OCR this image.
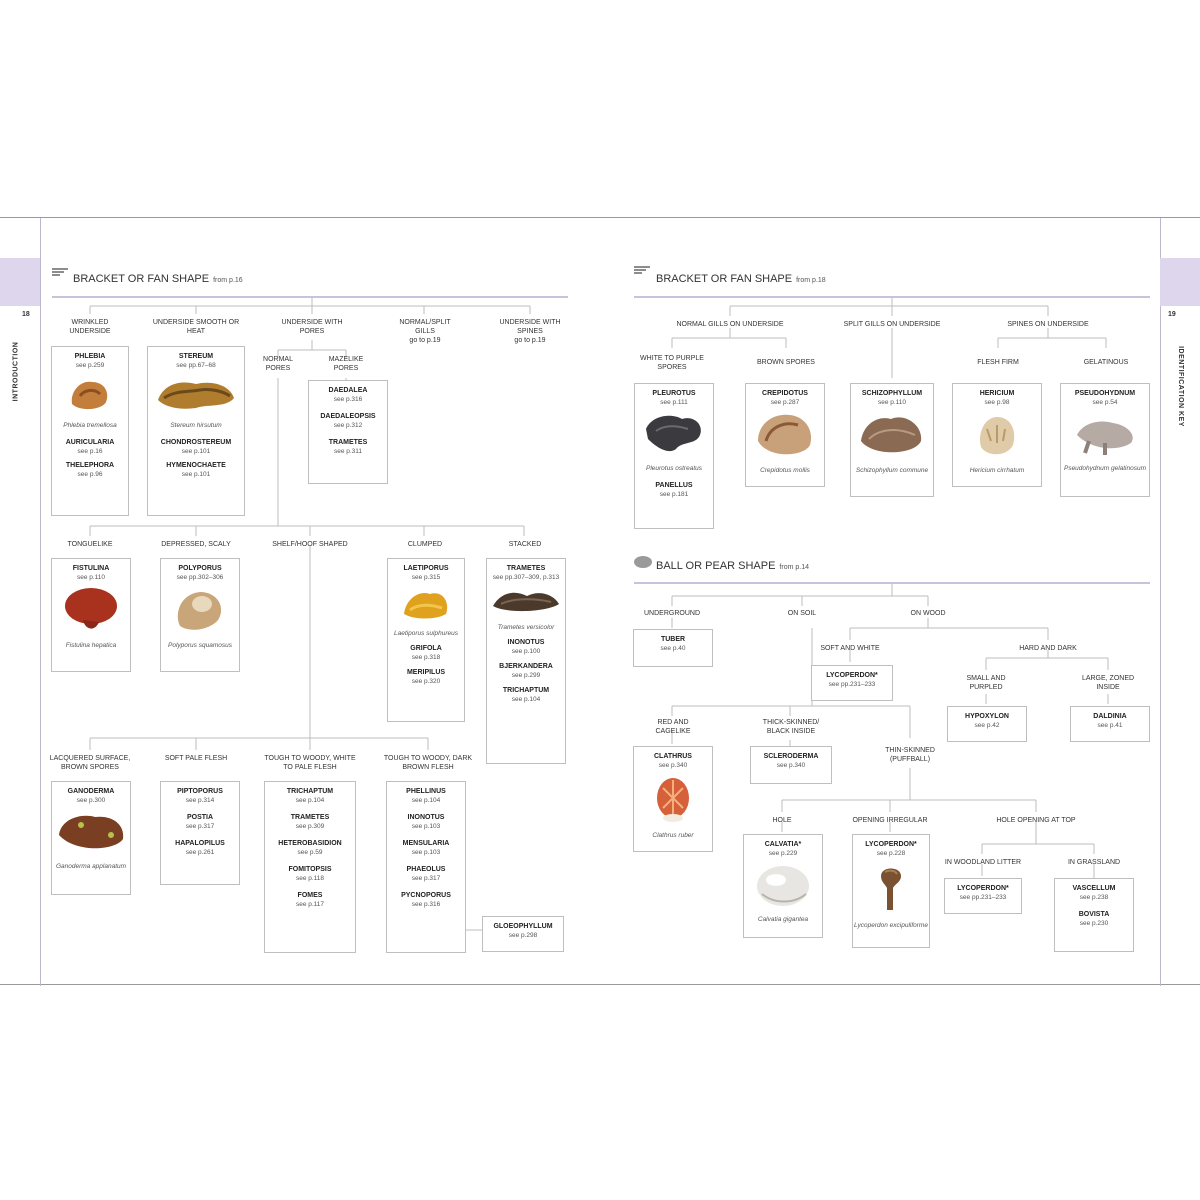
18	19
INTRODUCTION	IDENTIFICATION KEY
BRACKET OR FAN SHAPE from p.16	BRACKET OR FAN SHAPE from p.18
BALL OR PEAR SHAPE from p.14
WRINKLED UNDERSIDE
UNDERSIDE SMOOTH OR HEAT
UNDERSIDE WITH PORES
NORMAL/SPLIT GILLS
go to p.19
UNDERSIDE WITH SPINES
go to p.19
NORMAL PORES
MAZELIKE PORES
TONGUELIKE	DEPRESSED, SCALY	SHELF/HOOF SHAPED	CLUMPED	STACKED
LACQUERED SURFACE, BROWN SPORES
SOFT PALE FLESH	TOUGH TO WOODY, WHITE TO PALE FLESH
TOUGH TO WOODY, DARK BROWN FLESH
PHLEBIA
see p.259
Phlebia tremellosa
AURICULARIA
see p.16
THELEPHORA
see p.96
STEREUM
see pp.67–68
Stereum hirsutum
CHONDROSTEREUM
see p.101
HYMENOCHAETE
see p.101
DAEDALEA
see p.316
DAEDALEOPSIS
see p.312
TRAMETES
see p.311
FISTULINA
see p.110
Fistulina hepatica
POLYPORUS
see pp.302–306
Polyporus squamosus
LAETIPORUS
see p.315
Laetiporus sulphureus
GRIFOLA
see p.318
MERIPILUS
see p.320
TRAMETES
see pp.307–309, p.313
Trametes versicolor
INONOTUS
see p.100
BJERKANDERA
see p.299
TRICHAPTUM
see p.104
GANODERMA
see p.300
Ganoderma applanatum
PIPTOPORUS
see p.314
POSTIA
see p.317
HAPALOPILUS
see p.261
TRICHAPTUM
see p.104
TRAMETES
see p.309
HETEROBASIDION
see p.59
FOMITOPSIS
see p.118
FOMES
see p.117
PHELLINUS
see p.104
INONOTUS
see p.103
MENSULARIA
see p.103
PHAEOLUS
see p.317
PYCNOPORUS
see p.316
GLOEOPHYLLUM
see p.298
NORMAL GILLS ON UNDERSIDE	SPLIT GILLS ON UNDERSIDE	SPINES ON UNDERSIDE
WHITE TO PURPLE SPORES
BROWN SPORES	FLESH FIRM	GELATINOUS
PLEUROTUS
see p.111
Pleurotus ostreatus
PANELLUS
see p.181
CREPIDOTUS
see p.287
Crepidotus mollis
SCHIZOPHYLLUM
see p.110
Schizophyllum commune
HERICIUM
see p.98
Hericium cirrhatum
PSEUDOHYDNUM
see p.54
Pseudohydnum gelatinosum
UNDERGROUND	ON SOIL	ON WOOD
SOFT AND WHITE	HARD AND DARK
SMALL AND PURPLED
LARGE, ZONED INSIDE
RED AND CAGELIKE
THICK-SKINNED/ BLACK INSIDE
THIN-SKINNED (PUFFBALL)
HOLE	OPENING IRREGULAR	HOLE OPENING AT TOP
IN WOODLAND LITTER	IN GRASSLAND
TUBER
see p.40
LYCOPERDON*
see pp.231–233
HYPOXYLON
see p.42
DALDINIA
see p.41
CLATHRUS
see p.340
Clathrus ruber
SCLERODERMA
see p.340
CALVATIA*
see p.229
Calvatia gigantea
LYCOPERDON*
see p.228
Lycoperdon excipuliforme
LYCOPERDON*
see pp.231–233
VASCELLUM
see p.238
BOVISTA
see p.230
